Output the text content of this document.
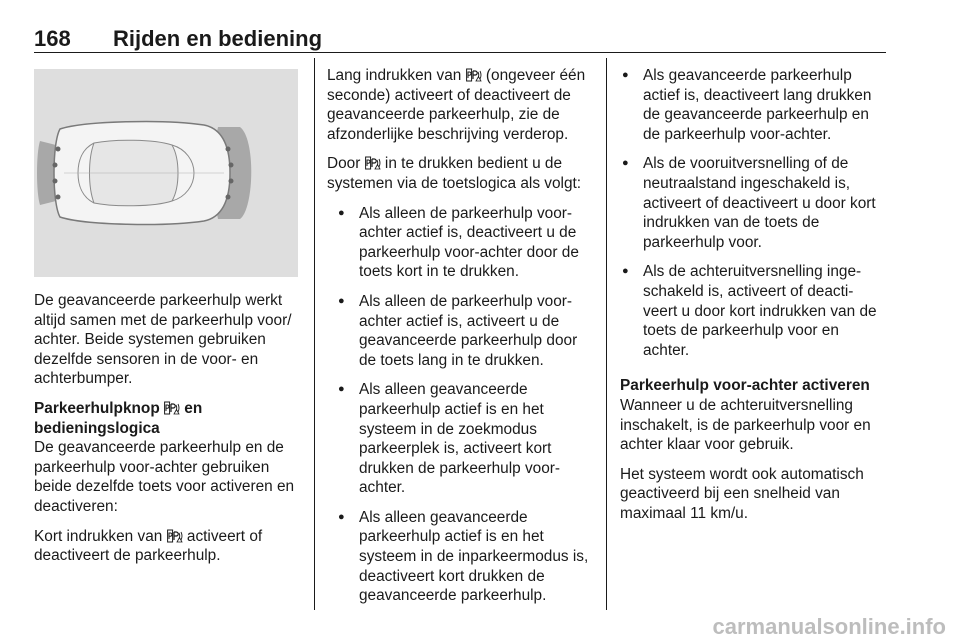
168 Rijden en bediening

De geavanceerde parkeerhulp werkt altijd samen met de parkeerhulp voor/ achter. Beide systemen gebruiken dezelfde sensoren in de voor- en achterbumper.

Parkeerhulpknop en bedieningslogica

De geavanceerde parkeerhulp en de parkeerhulp voor-achter gebruiken beide dezelfde toets voor activeren en deactiveren:

Kort indrukken van activeert of deactiveert de parkeerhulp.

Lang indrukken van (ongeveer één seconde) activeert of deactiveert de geavanceerde parkeerhulp, zie de afzonderlijke beschrijving verderop.

Door in te drukken bedient u de systemen via de toetslogica als volgt:

● Als alleen de parkeerhulp voor-achter actief is, deactiveert u de parkeerhulp voor-achter door de toets kort in te drukken.
● Als alleen de parkeerhulp voor-achter actief is, activeert u de geavanceerde parkeerhulp door de toets lang in te drukken.
● Als alleen geavanceerde parkeerhulp actief is en het systeem in de zoekmodus parkeerplek is, activeert kort drukken de parkeerhulp voor-achter.
● Als alleen geavanceerde parkeerhulp actief is en het systeem in de inparkeermodus is, deactiveert kort drukken de geavanceerde parkeerhulp.
● Als geavanceerde parkeerhulp actief is, deactiveert lang drukken de geavanceerde parkeerhulp en de parkeerhulp voor-achter.
● Als de vooruitversnelling of de neutraalstand ingeschakeld is, activeert of deactiveert u door kort indrukken van de toets de parkeerhulp voor.
● Als de achteruitversnelling inge- schakeld is, activeert of deacti- veert u door kort indrukken van de toets de parkeerhulp voor en achter.

Parkeerhulp voor-achter activeren

Wanneer u de achteruitversnelling inschakelt, is de parkeerhulp voor en achter klaar voor gebruik.

Het systeem wordt ook automatisch geactiveerd bij een snelheid van maximaal 11 km/u.

carmanualsonline.info
